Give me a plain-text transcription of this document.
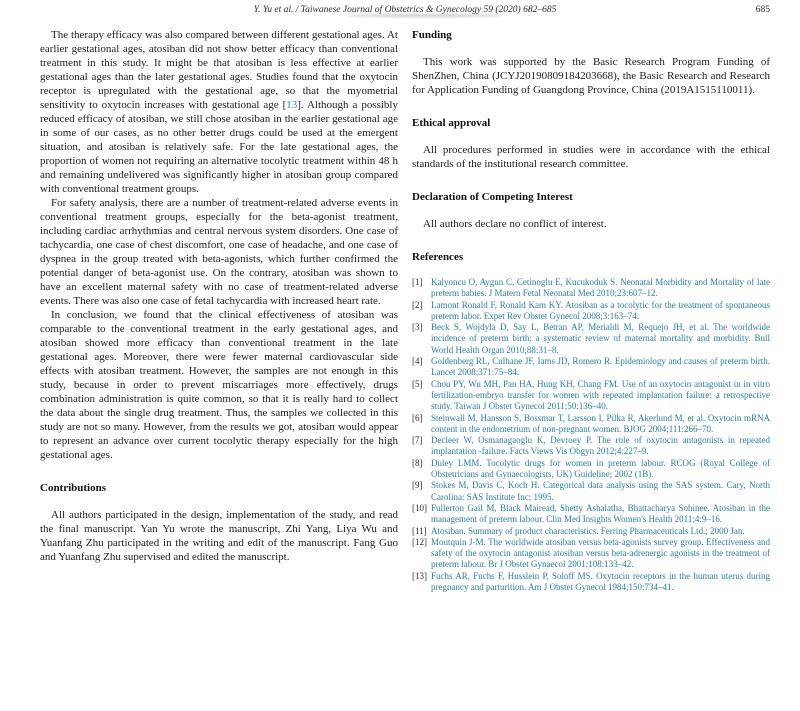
Y. Yu et al. / Taiwanese Journal of Obstetrics & Gynecology 59 (2020) 682–685	685

The therapy efficacy was also compared between different gestational ages. At earlier gestational ages, atosiban did not show better efficacy than conventional treatment in this study. It might be that atosiban is less effective at earlier gestational ages than the later gestational ages. Studies found that the oxytocin receptor is upregulated with the gestational age, so that the myometrial sensitivity to oxytocin increases with gestational age [13]. Although a possibly reduced efficacy of atosiban, we still chose atosiban in the earlier gestational age in some of our cases, as no other better drugs could be used at the emergent situation, and atosiban is relatively safe. For the late gestational ages, the proportion of women not requiring an alternative tocolytic treatment within 48 h and remaining undelivered was significantly higher in atosiban group compared with conventional treatment groups.

For safety analysis, there are a number of treatment-related adverse events in conventional treatment groups, especially for the beta-agonist treatment, including cardiac arrhythmias and central nervous system disorders. One case of tachycardia, one case of chest discomfort, one case of headache, and one case of dyspnea in the group treated with beta-agonists, which further confirmed the potential danger of beta-agonist use. On the contrary, atosiban was shown to have an excellent maternal safety with no case of treatment-related adverse events. There was also one case of fetal tachycardia with increased heart rate.

In conclusion, we found that the clinical effectiveness of atosiban was comparable to the conventional treatment in the early gestational ages, and atosiban showed more efficacy than conventional treatment in the late gestational ages. Moreover, there were fewer maternal cardiovascular side effects with atosiban treatment. However, the samples are not enough in this study, because in order to prevent miscarriages more effectively, drugs combination administration is quite common, so that it is really hard to collect the data about the single drug treatment. Thus, the samples we collected in this study are not so many. However, from the results we got, atosiban would appear to represent an advance over current tocolytic therapy especially for the high gestational ages.

Contributions

All authors participated in the design, implementation of the study, and read the final manuscript. Yan Yu wrote the manuscript, Zhi Yang, Liya Wu and Yuanfang Zhu participated in the writing and edit of the manuscript. Fang Guo and Yuanfang Zhu supervised and edited the manuscript.

Funding

This work was supported by the Basic Research Program Funding of ShenZhen, China (JCYJ20190809184203668), the Basic Research and Research for Application Funding of Guangdong Province, China (2019A1515110011).

Ethical approval

All procedures performed in studies were in accordance with the ethical standards of the institutional research committee.

Declaration of Competing Interest

All authors declare no conflict of interest.

References
[1] Kalyoncu O, Aygun C, Cetinoglu E, Kucukoduk S. Neonatal Morbidity and Mortality of late preterm babies. J Matern Fetal Neonatal Med 2010;23:607–12.
[2] Lamont Ronald F, Ronald Kam KY. Atosiban as a tocolytic for the treatment of spontaneous preterm labor. Expet Rev Obstet Gynecol 2008;3:163–74.
[3] Beck S, Wojdyla D, Say L, Betran AP, Merialdi M, Requejo JH, et al. The worldwide incidence of preterm birth: a systematic review of maternal mortality and morbidity. Bull World Health Organ 2010;88:31–8.
[4] Goldenberg RL, Culhane JF, Iams JD, Romero R. Epidemiology and causes of preterm birth. Lancet 2008;371:75–84.
[5] Chou PY, Wu MH, Pan HA, Hung KH, Chang FM. Use of an oxytocin antagonist in in vitro fertilization-embryo transfer for women with repeated implantation failure: a retrospective study. Taiwan J Obstet Gynecol 2011;50:136–40.
[6] Steinwall M, Hansson S, Bossmar T, Larsson I, Pilka R, Akerlund M, et al. Oxytocin mRNA content in the endometrium of non-pregnant women. BJOG 2004;111:266–70.
[7] Decleer W, Osmanagaoglu K, Devroey P. The role of oxytocin antagonists in repeated implantation -failure. Facts Views Vis Obgyn 2012;4:227–9.
[8] Duley LMM. Tocolytic drugs for women in preterm labour. RCOG (Royal College of Obstetricians and Gynaecologists, UK) Guideline; 2002 (1B).
[9] Stokes M, Davis C, Koch H. Categorical data analysis using the SAS system. Cary, North Carolina: SAS Institute Inc; 1995.
[10] Fullerton Gail M, Black Mairead, Shetty Ashalatha, Bhattacharya Sohinee. Atosiban in the management of preterm labour. Clin Med Insights Women's Health 2011;4:9–16.
[11] Atosiban. Summary of product characteristics. Ferring Pharmaceuticals Ltd.; 2000 Jan.
[12] Moutquin J-M. The worldwide atosiban versus beta-agonists survey group. Effectiveness and safety of the oxytocin antagonist atosiban versus beta-adrenergic agonists in the treatment of preterm labour. Br J Obstet Gynaecol 2001;108:133–42.
[13] Fuchs AR, Fuchs F, Husslein P, Soloff MS. Oxytocin receptors in the human uterus during pregnancy and parturition. Am J Obstet Gynecol 1984;150:734–41.
